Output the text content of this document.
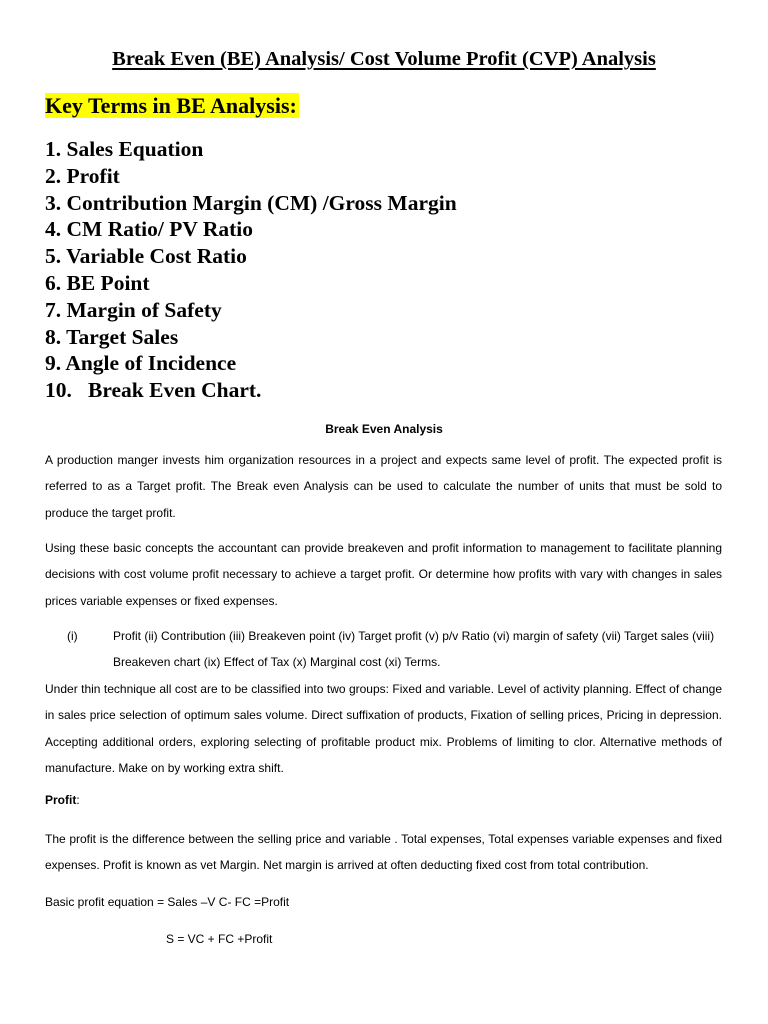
Break Even (BE) Analysis/ Cost Volume Profit (CVP) Analysis
Key Terms in BE Analysis:
1. Sales Equation
2. Profit
3. Contribution Margin (CM) /Gross Margin
4. CM Ratio/ PV Ratio
5. Variable Cost Ratio
6. BE Point
7. Margin of Safety
8. Target Sales
9. Angle of Incidence
10.   Break Even Chart.
Break Even Analysis

A production manger invests him organization resources in a project and expects same level of profit. The expected profit is referred to as a Target profit. The Break even Analysis can be used to calculate the number of units that must be sold to produce the target profit.

Using these basic concepts the accountant can provide breakeven and profit information to management to facilitate planning decisions with cost volume profit necessary to achieve a target profit. Or determine how profits with vary with changes in sales prices variable expenses or fixed expenses.

(i)	Profit (ii) Contribution (iii) Breakeven point (iv) Target profit (v) p/v Ratio (vi) margin of safety (vii) Target sales (viii) Breakeven chart (ix) Effect of Tax (x) Marginal cost (xi) Terms.

Under thin technique all cost are to be classified into two groups: Fixed and variable. Level of activity planning. Effect of change in sales price selection of optimum sales volume. Direct suffixation of products, Fixation of selling prices, Pricing in depression. Accepting additional orders, exploring selecting of profitable product mix. Problems of limiting to clor. Alternative methods of manufacture. Make on by working extra shift.

Profit:

The profit is the difference between the selling price and variable . Total expenses, Total expenses variable expenses and fixed expenses. Profit is known as vet Margin. Net margin is arrived at often deducting fixed cost from total contribution.

Basic profit equation = Sales –V C- FC =Profit
S = VC + FC +Profit
